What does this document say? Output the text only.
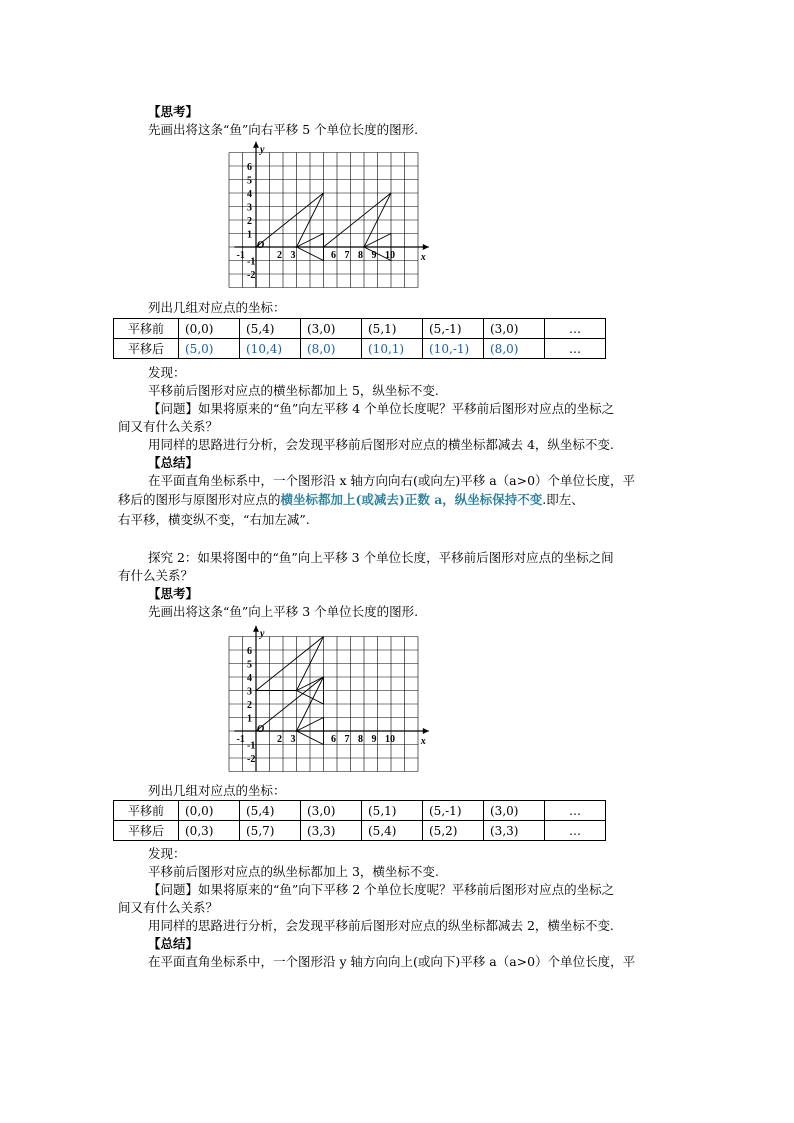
【思考】
先画出将这条“鱼”向右平移 5 个单位长度的图形.
y
x
O
-1	2 3	6 7 8 9 10
6
5
4
3
2
1
-1
-2
列出几组对应点的坐标：
平移前	(0,0)	(5,4)	(3,0)	(5,1)	(5,-1)	(3,0)	…
平移后	(5,0)	(10,4)	(8,0)	(10,1)	(10,-1)	(8,0)	…
发现：
平移前后图形对应点的横坐标都加上 5，纵坐标不变.
【问题】如果将原来的“鱼”向左平移 4 个单位长度呢？平移前后图形对应点的坐标之
间又有什么关系？
用同样的思路进行分析，会发现平移前后图形对应点的横坐标都减去 4，纵坐标不变.
【总结】
在平面直角坐标系中，一个图形沿 x 轴方向向右(或向左)平移 a（a>0）个单位长度，平
移后的图形与原图形对应点的横坐标都加上(或减去)正数 a，纵坐标保持不变.即左、
右平移，横变纵不变，“右加左减”.
探究 2：如果将图中的“鱼”向上平移 3 个单位长度，平移前后图形对应点的坐标之间
有什么关系？
【思考】
先画出将这条“鱼”向上平移 3 个单位长度的图形.
y
x
O
-1	2 3	6 7 8 9 10
6
5
4
3
2
1
-1
-2
列出几组对应点的坐标：
平移前	(0,0)	(5,4)	(3,0)	(5,1)	(5,-1)	(3,0)	…
平移后	(0,3)	(5,7)	(3,3)	(5,4)	(5,2)	(3,3)	…
发现：
平移前后图形对应点的纵坐标都加上 3，横坐标不变.
【问题】如果将原来的“鱼”向下平移 2 个单位长度呢？平移前后图形对应点的坐标之
间又有什么关系？
用同样的思路进行分析，会发现平移前后图形对应点的纵坐标都减去 2，横坐标不变.
【总结】
在平面直角坐标系中，一个图形沿 y 轴方向向上(或向下)平移 a（a>0）个单位长度，平
